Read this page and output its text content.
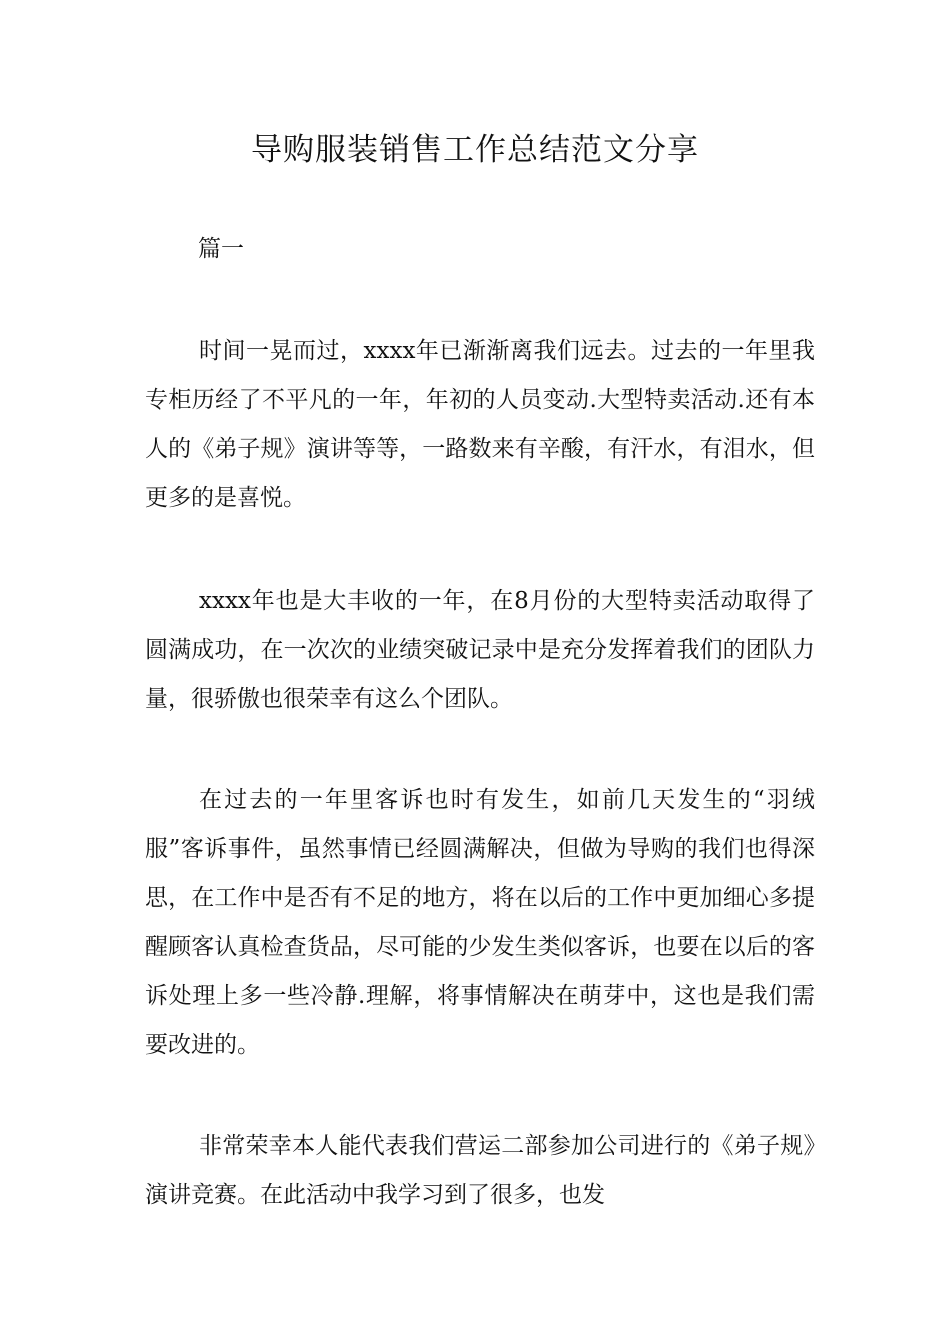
导购服装销售工作总结范文分享

篇一

时间一晃而过，xxxx年已渐渐离我们远去。过去的一年里我专柜历经了不平凡的一年，年初的人员变动.大型特卖活动.还有本人的《弟子规》演讲等等，一路数来有辛酸，有汗水，有泪水，但更多的是喜悦。

xxxx年也是大丰收的一年，在8月份的大型特卖活动取得了圆满成功，在一次次的业绩突破记录中是充分发挥着我们的团队力量，很骄傲也很荣幸有这么个团队。

在过去的一年里客诉也时有发生，如前几天发生的“羽绒服”客诉事件，虽然事情已经圆满解决，但做为导购的我们也得深思，在工作中是否有不足的地方，将在以后的工作中更加细心多提醒顾客认真检查货品，尽可能的少发生类似客诉，也要在以后的客诉处理上多一些冷静.理解，将事情解决在萌芽中，这也是我们需要改进的。

非常荣幸本人能代表我们营运二部参加公司进行的《弟子规》演讲竞赛。在此活动中我学习到了很多，也发
